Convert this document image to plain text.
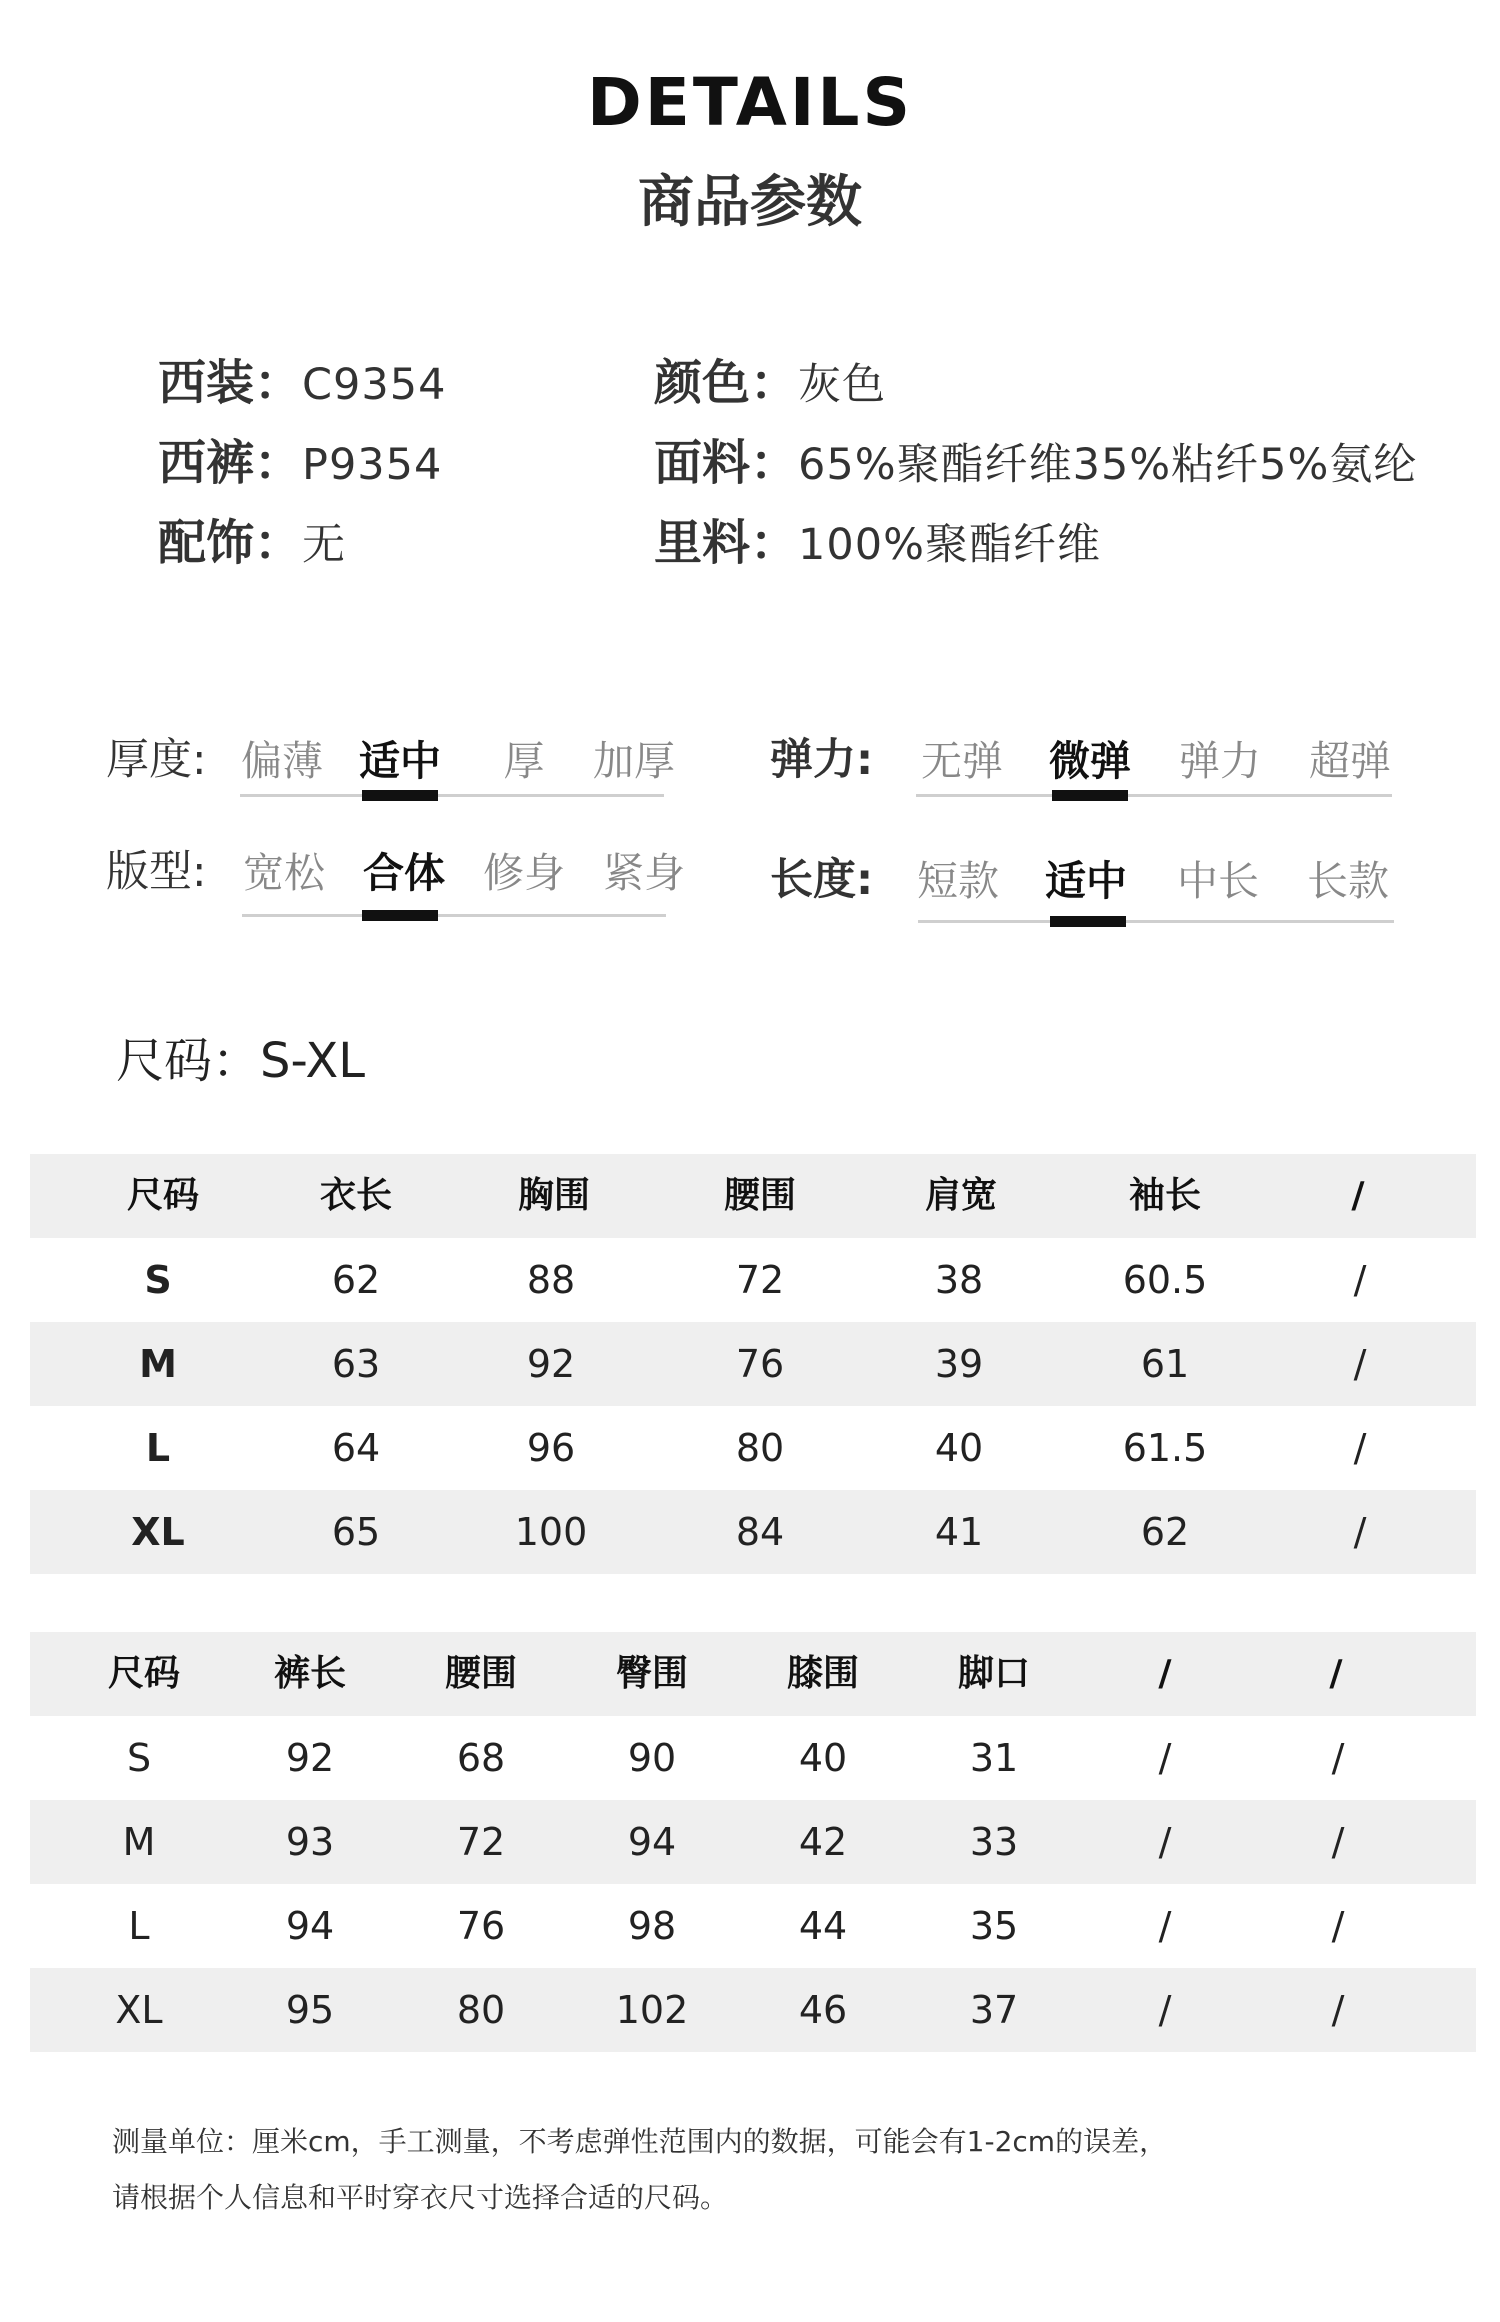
DETAILS
商品参数
西装：C9354
西裤：P9354
配饰：无
颜色：灰色
面料：65%聚酯纤维35%粘纤5%氨纶
里料：100%聚酯纤维
厚度: 偏薄 适中 厚 加厚 弹力: 无弹 微弹 弹力 超弹
版型: 宽松 合体 修身 紧身 长度: 短款 适中 中长 长款
尺码：S-XL
尺码	衣长	胸围	腰围	肩宽	袖长	/
S	62	88	72	38	60.5	/
M	63	92	76	39	61	/
L	64	96	80	40	61.5	/
XL	65	100	84	41	62	/
尺码	裤长	腰围	臀围	膝围	脚口	/	/
S	92	68	90	40	31	/	/
M	93	72	94	42	33	/	/
L	94	76	98	44	35	/	/
XL	95	80	102	46	37	/	/
测量单位：厘米cm，手工测量，不考虑弹性范围内的数据，可能会有1-2cm的误差，
请根据个人信息和平时穿衣尺寸选择合适的尺码。
